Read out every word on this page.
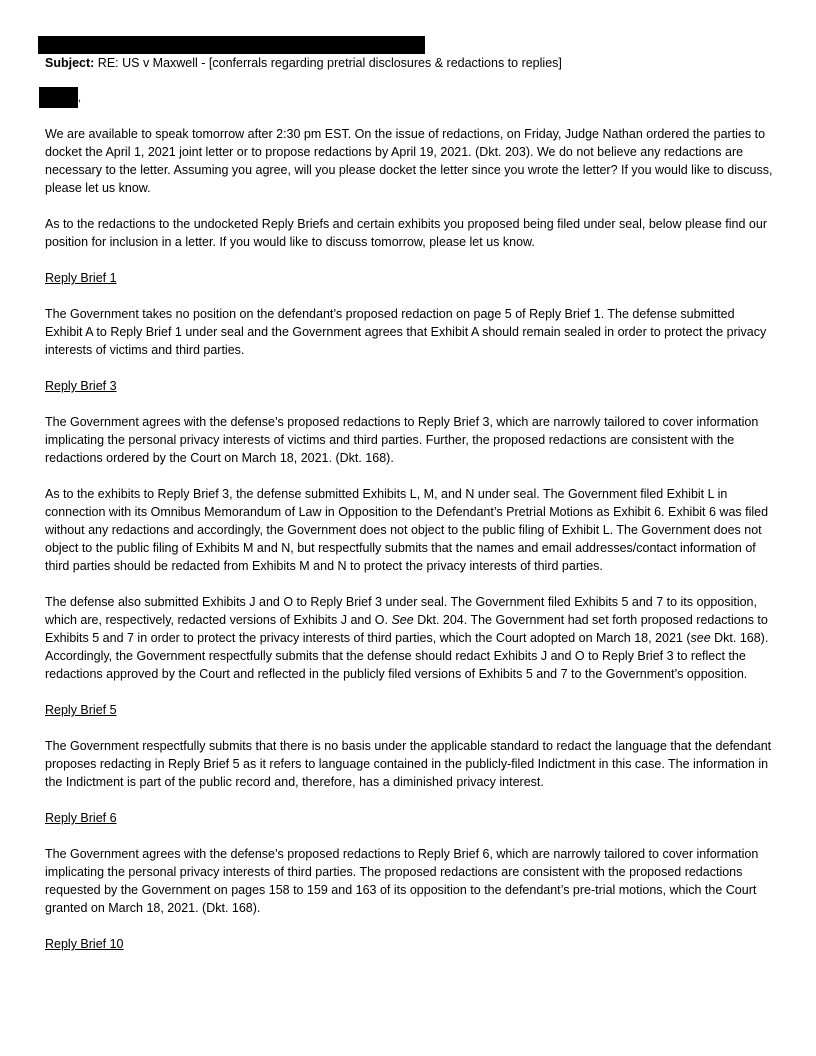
Subject: RE: US v Maxwell - [conferrals regarding pretrial disclosures & redactions to replies]
,

We are available to speak tomorrow after 2:30 pm EST. On the issue of redactions, on Friday, Judge Nathan ordered the parties to docket the April 1, 2021 joint letter or to propose redactions by April 19, 2021. (Dkt. 203). We do not believe any redactions are necessary to the letter. Assuming you agree, will you please docket the letter since you wrote the letter? If you would like to discuss, please let us know.

As to the redactions to the undocketed Reply Briefs and certain exhibits you proposed being filed under seal, below please find our position for inclusion in a letter. If you would like to discuss tomorrow, please let us know.

Reply Brief 1

The Government takes no position on the defendant’s proposed redaction on page 5 of Reply Brief 1. The defense submitted Exhibit A to Reply Brief 1 under seal and the Government agrees that Exhibit A should remain sealed in order to protect the privacy interests of victims and third parties.

Reply Brief 3

The Government agrees with the defense’s proposed redactions to Reply Brief 3, which are narrowly tailored to cover information implicating the personal privacy interests of victims and third parties. Further, the proposed redactions are consistent with the redactions ordered by the Court on March 18, 2021. (Dkt. 168).

As to the exhibits to Reply Brief 3, the defense submitted Exhibits L, M, and N under seal. The Government filed Exhibit L in connection with its Omnibus Memorandum of Law in Opposition to the Defendant’s Pretrial Motions as Exhibit 6. Exhibit 6 was filed without any redactions and accordingly, the Government does not object to the public filing of Exhibit L. The Government does not object to the public filing of Exhibits M and N, but respectfully submits that the names and email addresses/contact information of third parties should be redacted from Exhibits M and N to protect the privacy interests of third parties.

The defense also submitted Exhibits J and O to Reply Brief 3 under seal. The Government filed Exhibits 5 and 7 to its opposition, which are, respectively, redacted versions of Exhibits J and O. See Dkt. 204. The Government had set forth proposed redactions to Exhibits 5 and 7 in order to protect the privacy interests of third parties, which the Court adopted on March 18, 2021 (see Dkt. 168). Accordingly, the Government respectfully submits that the defense should redact Exhibits J and O to Reply Brief 3 to reflect the redactions approved by the Court and reflected in the publicly filed versions of Exhibits 5 and 7 to the Government’s opposition.

Reply Brief 5

The Government respectfully submits that there is no basis under the applicable standard to redact the language that the defendant proposes redacting in Reply Brief 5 as it refers to language contained in the publicly-filed Indictment in this case. The information in the Indictment is part of the public record and, therefore, has a diminished privacy interest.

Reply Brief 6

The Government agrees with the defense’s proposed redactions to Reply Brief 6, which are narrowly tailored to cover information implicating the personal privacy interests of third parties. The proposed redactions are consistent with the proposed redactions requested by the Government on pages 158 to 159 and 163 of its opposition to the defendant’s pre-trial motions, which the Court granted on March 18, 2021. (Dkt. 168).

Reply Brief 10
